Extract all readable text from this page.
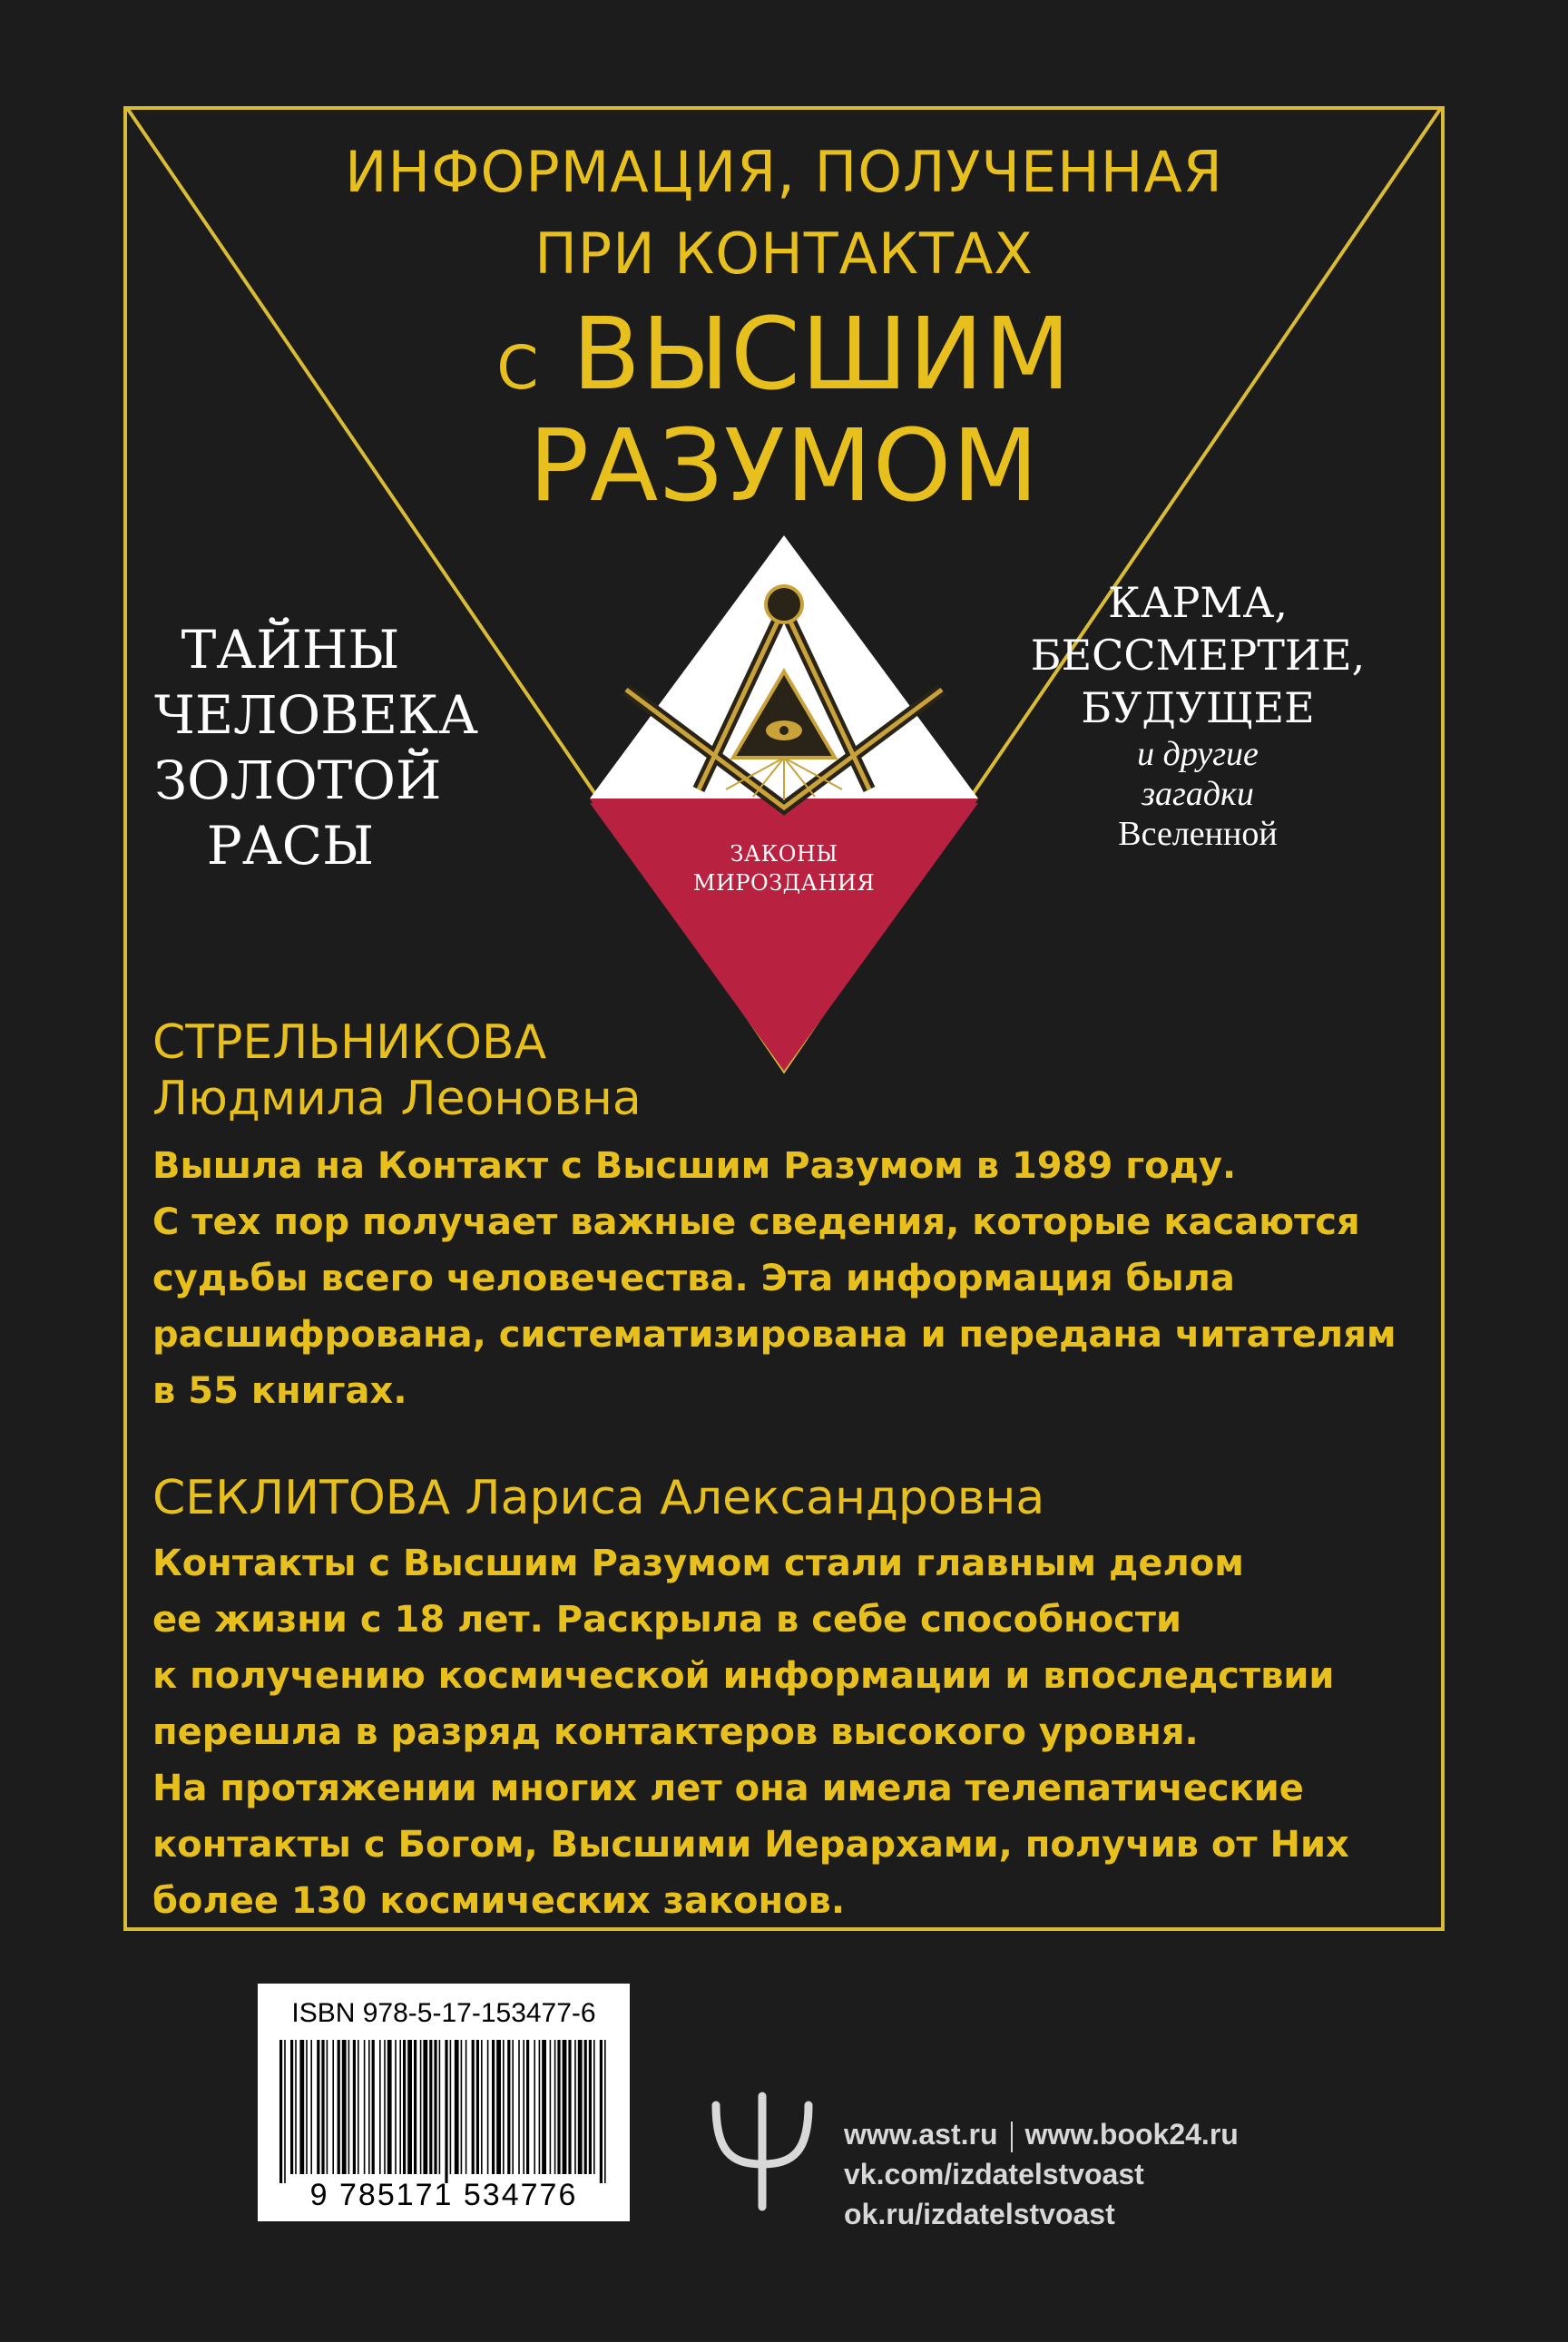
ИНФОРМАЦИЯ, ПОЛУЧЕННАЯ
ПРИ КОНТАКТАХ
С ВЫСШИМ
РАЗУМОМ
ТАЙНЫ
ЧЕЛОВЕКА
ЗОЛОТОЙ
РАСЫ
КАРМА,
БЕССМЕРТИЕ,
БУДУЩЕЕ
и другие
загадки
Вселенной
ЗАКОНЫ
МИРОЗДАНИЯ
СТРЕЛЬНИКОВА
Людмила Леоновна
Вышла на Контакт с Высшим Разумом в 1989 году.
С тех пор получает важные сведения, которые касаются
судьбы всего человечества. Эта информация была
расшифрована, систематизирована и передана читателям
в 55 книгах.
СЕКЛИТОВА Лариса Александровна
Контакты с Высшим Разумом стали главным делом
ее жизни с 18 лет. Раскрыла в себе способности
к получению космической информации и впоследствии
перешла в разряд контактеров высокого уровня.
На протяжении многих лет она имела телепатические
контакты с Богом, Высшими Иерархами, получив от Них
более 130 космических законов.
ISBN 978-5-17-153477-6
9 785171 534776
www.ast.ru www.book24.ru
vk.com/izdatelstvoast
ok.ru/izdatelstvoast
